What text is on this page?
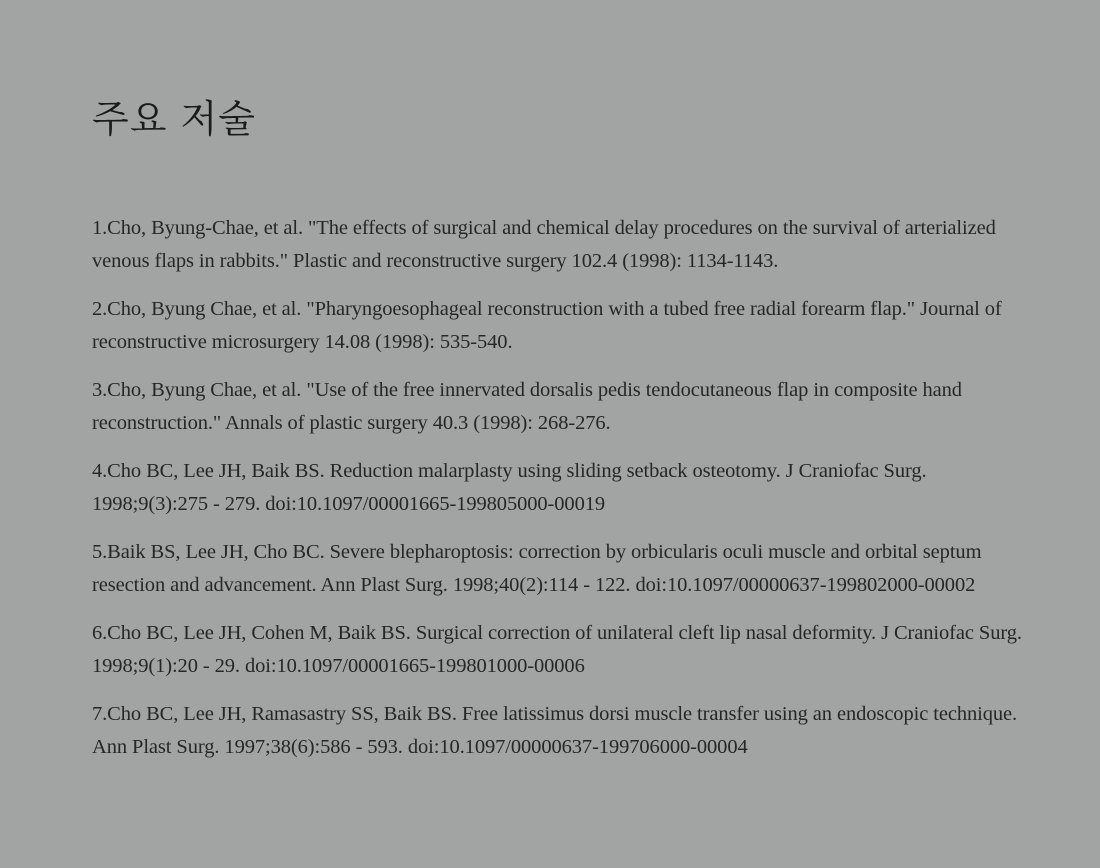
주요 저술
1.Cho, Byung-Chae, et al. "The effects of surgical and chemical delay procedures on the survival of arterialized venous flaps in rabbits." Plastic and reconstructive surgery 102.4 (1998): 1134-1143.
2.Cho, Byung Chae, et al. "Pharyngoesophageal reconstruction with a tubed free radial forearm flap." Journal of reconstructive microsurgery 14.08 (1998): 535-540.
3.Cho, Byung Chae, et al. "Use of the free innervated dorsalis pedis tendocutaneous flap in composite hand reconstruction." Annals of plastic surgery 40.3 (1998): 268-276.
4.Cho BC, Lee JH, Baik BS. Reduction malarplasty using sliding setback osteotomy. J Craniofac Surg. 1998;9(3):275 - 279. doi:10.1097/00001665-199805000-00019
5.Baik BS, Lee JH, Cho BC. Severe blepharoptosis: correction by orbicularis oculi muscle and orbital septum resection and advancement. Ann Plast Surg. 1998;40(2):114 - 122. doi:10.1097/00000637-199802000-00002
6.Cho BC, Lee JH, Cohen M, Baik BS. Surgical correction of unilateral cleft lip nasal deformity. J Craniofac Surg. 1998;9(1):20 - 29. doi:10.1097/00001665-199801000-00006
7.Cho BC, Lee JH, Ramasastry SS, Baik BS. Free latissimus dorsi muscle transfer using an endoscopic technique. Ann Plast Surg. 1997;38(6):586 - 593. doi:10.1097/00000637-199706000-00004
